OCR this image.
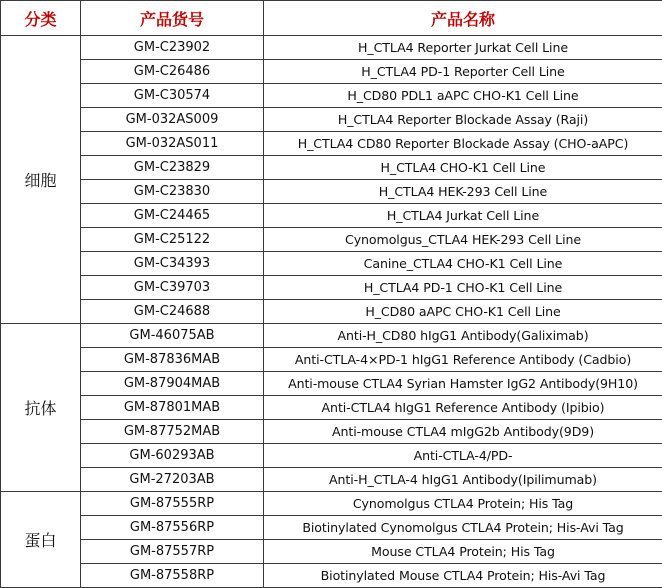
分类	产品货号	产品名称
细胞	GM-C23902	H_CTLA4 Reporter Jurkat Cell Line
	GM-C26486	H_CTLA4 PD-1 Reporter Cell Line
	GM-C30574	H_CD80 PDL1 aAPC CHO-K1 Cell Line
	GM-032AS009	H_CTLA4 Reporter Blockade Assay (Raji)
	GM-032AS011	H_CTLA4 CD80 Reporter Blockade Assay (CHO-aAPC)
	GM-C23829	H_CTLA4 CHO-K1 Cell Line
	GM-C23830	H_CTLA4 HEK-293 Cell Line
	GM-C24465	H_CTLA4 Jurkat Cell Line
	GM-C25122	Cynomolgus_CTLA4 HEK-293 Cell Line
	GM-C34393	Canine_CTLA4 CHO-K1 Cell Line
	GM-C39703	H_CTLA4 PD-1 CHO-K1 Cell Line
	GM-C24688	H_CD80 aAPC CHO-K1 Cell Line
抗体	GM-46075AB	Anti-H_CD80 hIgG1 Antibody(Galiximab)
	GM-87836MAB	Anti-CTLA-4×PD-1 hIgG1 Reference Antibody (Cadbio)
	GM-87904MAB	Anti-mouse CTLA4 Syrian Hamster IgG2 Antibody(9H10)
	GM-87801MAB	Anti-CTLA4 hIgG1 Reference Antibody (Ipibio)
	GM-87752MAB	Anti-mouse CTLA4 mIgG2b Antibody(9D9)
	GM-60293AB	Anti-CTLA-4/PD-
	GM-27203AB	Anti-H_CTLA-4 hIgG1 Antibody(Ipilimumab)
蛋白	GM-87555RP	Cynomolgus CTLA4 Protein; His Tag
	GM-87556RP	Biotinylated Cynomolgus CTLA4 Protein; His-Avi Tag
	GM-87557RP	Mouse CTLA4 Protein; His Tag
	GM-87558RP	Biotinylated Mouse CTLA4 Protein; His-Avi Tag
